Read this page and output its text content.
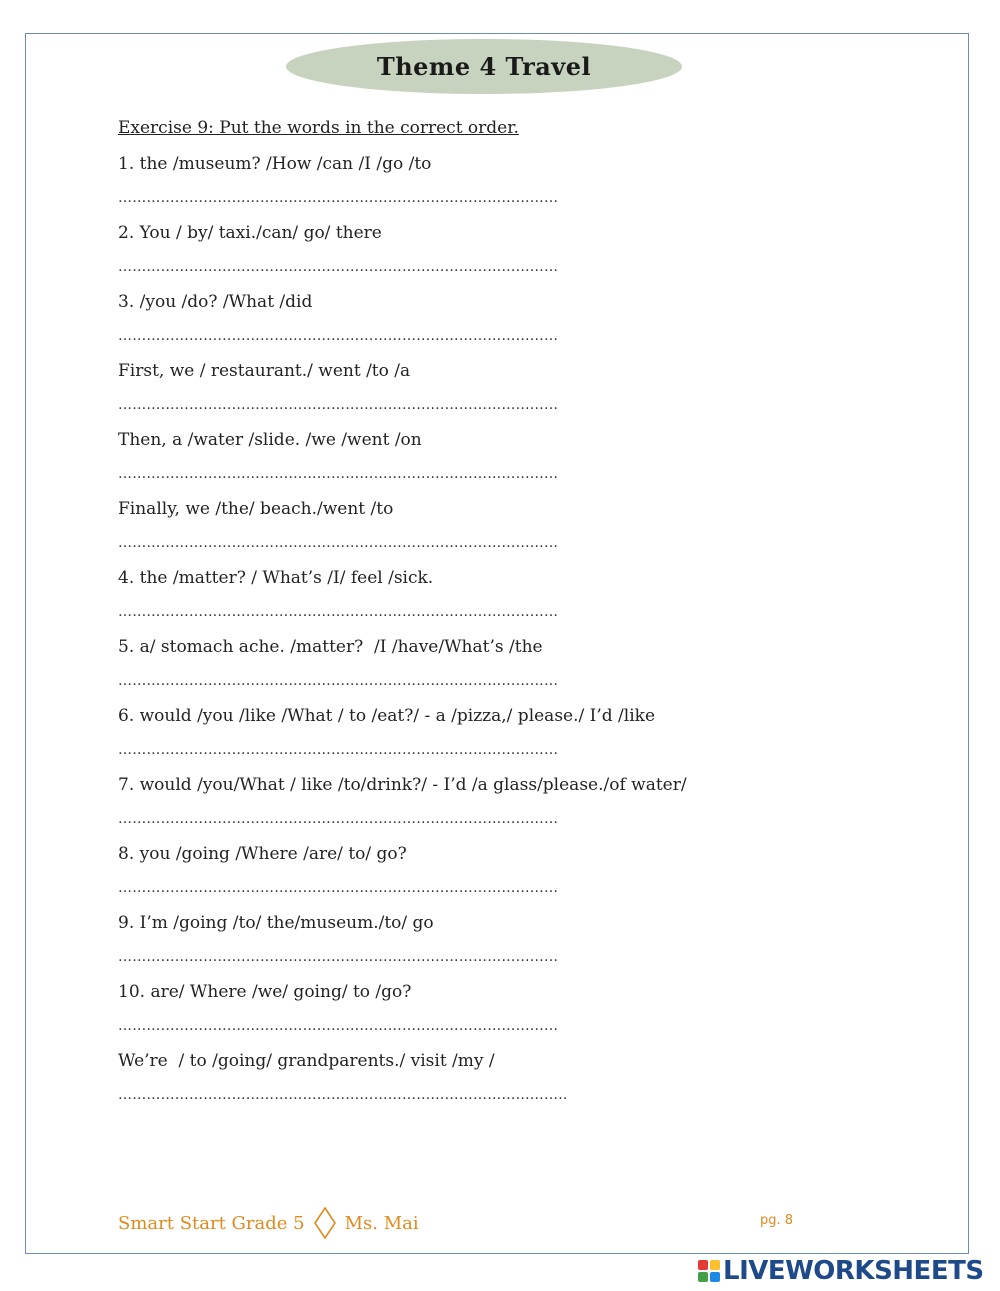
Theme 4 Travel
Exercise 9: Put the words in the correct order.
1. the /museum? /How /can /I /go /to
…………………………………………………………………………………
2. You / by/ taxi./can/ go/ there
…………………………………………………………………………………
3. /you /do? /What /did
…………………………………………………………………………………
First, we / restaurant./ went /to /a
…………………………………………………………………………………
Then, a /water /slide. /we /went /on
…………………………………………………………………………………
Finally, we /the/ beach./went /to
…………………………………………………………………………………
4. the /matter? / What’s /I/ feel /sick.
…………………………………………………………………………………
5. a/ stomach ache. /matter?  /I /have/What’s /the
…………………………………………………………………………………
6. would /you /like /What / to /eat?/ - a /pizza,/ please./ I’d /like
…………………………………………………………………………………
7. would /you/What / like /to/drink?/ - I’d /a glass/please./of water/
…………………………………………………………………………………
8. you /going /Where /are/ to/ go?
…………………………………………………………………………………
9. I’m /going /to/ the/museum./to/ go
…………………………………………………………………………………
10. are/ Where /we/ going/ to /go?
…………………………………………………………………………………
We’re  / to /going/ grandparents./ visit /my /
…………………………………………………………………………………..
Smart Start Grade 5 Ms. Mai	pg. 8
LIVEWORKSHEETS
